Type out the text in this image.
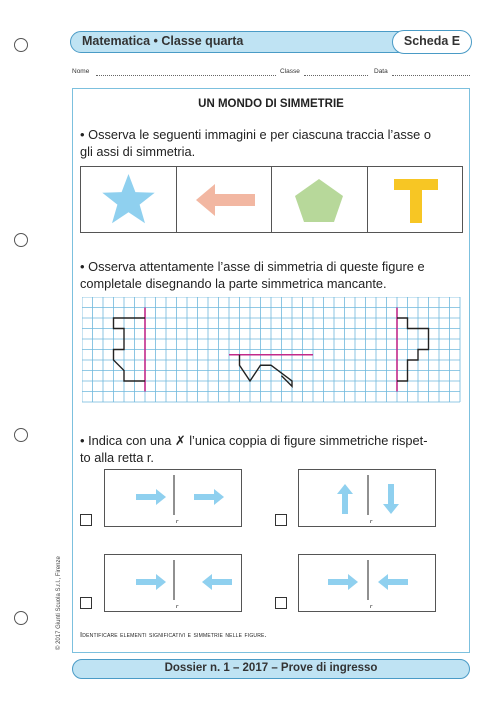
Matematica • Classe quarta	Scheda E
Nome	Classe	Data
UN MONDO DI SIMMETRIE
• Osserva le seguenti immagini e per ciascuna traccia l’asse o
gli assi di simmetria.
• Osserva attentamente l’asse di simmetria di queste figure e
completale disegnando la parte simmetrica mancante.
• Indica con una ✗ l’unica coppia di figure simmetriche rispet-
to alla retta r.
r	r
r	r
Identificare elementi significativi e simmetrie nelle figure.
© 2017 Giunti Scuola S.r.l., Firenze
Dossier n. 1 – 2017 – Prove di ingresso
